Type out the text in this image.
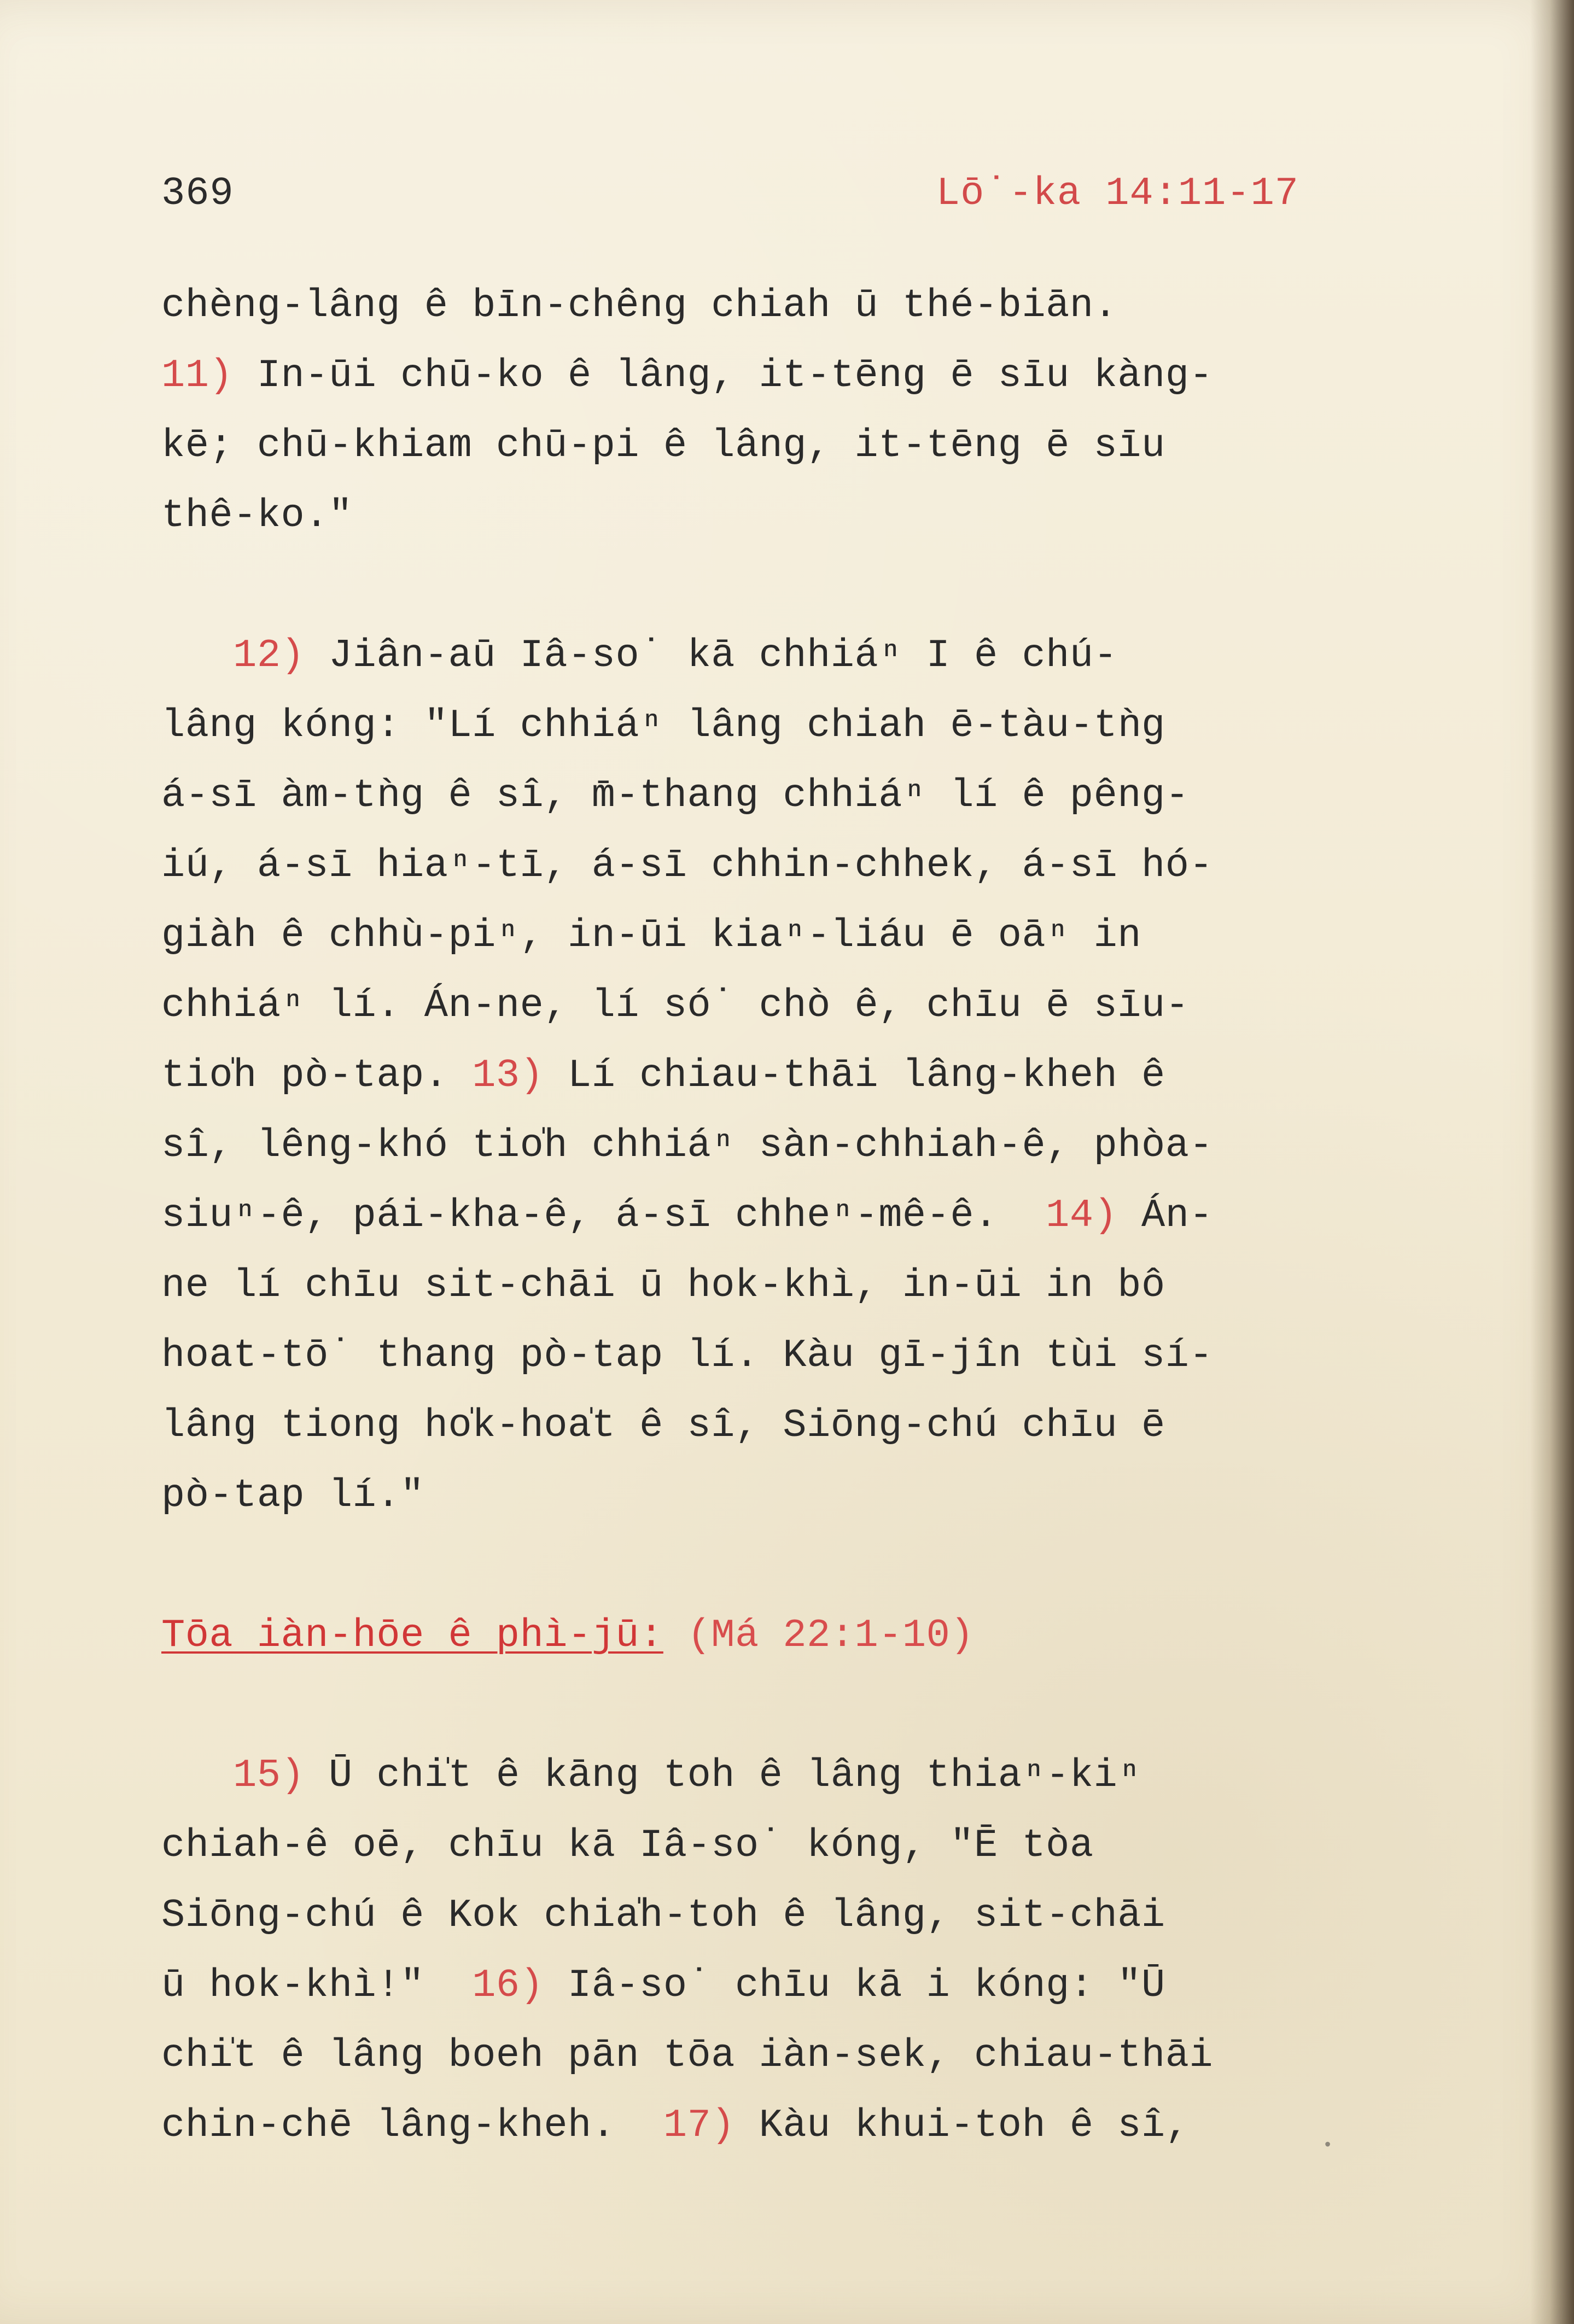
369	Lō˙-ka 14:11-17
chèng-lâng ê bīn-chêng chiah ū thé-biān.
11) In-ūi chū-ko ê lâng, it-tēng ē sīu kàng-
kē; chū-khiam chū-pi ê lâng, it-tēng ē sīu
thê-ko."
12) Jiân-aū Iâ-so˙ kā chhiáⁿ I ê chú-
lâng kóng: "Lí chhiáⁿ lâng chiah ē-tàu-tǹg
á-sī àm-tǹg ê sî, m̄-thang chhiáⁿ lí ê pêng-
iú, á-sī hiaⁿ-tī, á-sī chhin-chhek, á-sī hó-
giàh ê chhù-piⁿ, in-ūi kiaⁿ-liáu ē oāⁿ in
chhiáⁿ lí. Án-ne, lí só˙ chò ê, chīu ē sīu-
tio̍h pò-tap. 13) Lí chiau-thāi lâng-kheh ê
sî, lêng-khó tio̍h chhiáⁿ sàn-chhiah-ê, phòa-
siuⁿ-ê, pái-kha-ê, á-sī chheⁿ-mê-ê.  14) Án-
ne lí chīu sit-chāi ū hok-khì, in-ūi in bô
hoat-tō˙ thang pò-tap lí. Kàu gī-jîn tùi sí-
lâng tiong ho̍k-hoa̍t ê sî, Siōng-chú chīu ē
pò-tap lí."
Tōa iàn-hōe ê phì-jū: (Má 22:1-10)
15) Ū chi̍t ê kāng toh ê lâng thiaⁿ-kiⁿ
chiah-ê oē, chīu kā Iâ-so˙ kóng, "Ē tòa
Siōng-chú ê Kok chia̍h-toh ê lâng, sit-chāi
ū hok-khì!"  16) Iâ-so˙ chīu kā i kóng: "Ū
chi̍t ê lâng boeh pān tōa iàn-sek, chiau-thāi
chin-chē lâng-kheh.  17) Kàu khui-toh ê sî,	•
